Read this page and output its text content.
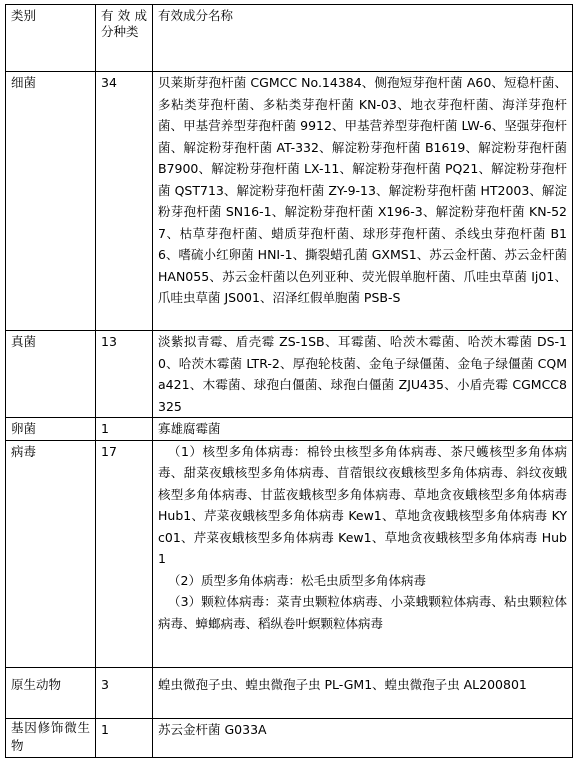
类别	有效成分种类	有效成分名称
细菌	34	贝莱斯芽孢杆菌 CGMCC No.14384、侧孢短芽孢杆菌 A60、短稳杆菌、多粘类芽孢杆菌、多粘类芽孢杆菌 KN-03、地衣芽孢杆菌、海洋芽孢杆菌、甲基营养型芽孢杆菌 9912、甲基营养型芽孢杆菌 LW-6、坚强芽孢杆菌、解淀粉芽孢杆菌 AT-332、解淀粉芽孢杆菌 B1619、解淀粉芽孢杆菌 B7900、解淀粉芽孢杆菌 LX-11、解淀粉芽孢杆菌 PQ21、解淀粉芽孢杆菌 QST713、解淀粉芽孢杆菌 ZY-9-13、解淀粉芽孢杆菌 HT2003、解淀粉芽孢杆菌 SN16-1、解淀粉芽孢杆菌 X196-3、解淀粉芽孢杆菌 KN-527、枯草芽孢杆菌、蜡质芽孢杆菌、球形芽孢杆菌、杀线虫芽孢杆菌 B16、嗜硫小红卵菌 HNI-1、撕裂蜡孔菌 GXMS1、苏云金杆菌、苏云金杆菌 HAN055、苏云金杆菌以色列亚种、荧光假单胞杆菌、爪哇虫草菌 Ij01、爪哇虫草菌 JS001、沼泽红假单胞菌 PSB-S
真菌	13	淡紫拟青霉、盾壳霉 ZS-1SB、耳霉菌、哈茨木霉菌、哈茨木霉菌 DS-10、哈茨木霉菌 LTR-2、厚孢轮枝菌、金龟子绿僵菌、金龟子绿僵菌 CQMa421、木霉菌、球孢白僵菌、球孢白僵菌 ZJU435、小盾壳霉 CGMCC8325
卵菌	1	寡雄腐霉菌
病毒	17	（1）核型多角体病毒：棉铃虫核型多角体病毒、茶尺蠖核型多角体病毒、甜菜夜蛾核型多角体病毒、苜蓿银纹夜蛾核型多角体病毒、斜纹夜蛾核型多角体病毒、甘蓝夜蛾核型多角体病毒、草地贪夜蛾核型多角体病毒 Hub1、芹菜夜蛾核型多角体病毒 Kew1、草地贪夜蛾核型多角体病毒 KYc01、芹菜夜蛾核型多角体病毒 Kew1、草地贪夜蛾核型多角体病毒 Hub1
（2）质型多角体病毒：松毛虫质型多角体病毒
（3）颗粒体病毒：菜青虫颗粒体病毒、小菜蛾颗粒体病毒、粘虫颗粒体病毒、蟑螂病毒、稻纵卷叶螟颗粒体病毒

原生动物	3	蝗虫微孢子虫、蝗虫微孢子虫 PL-GM1、蝗虫微孢子虫 AL200801
基因修饰微生物	1	苏云金杆菌 G033A
